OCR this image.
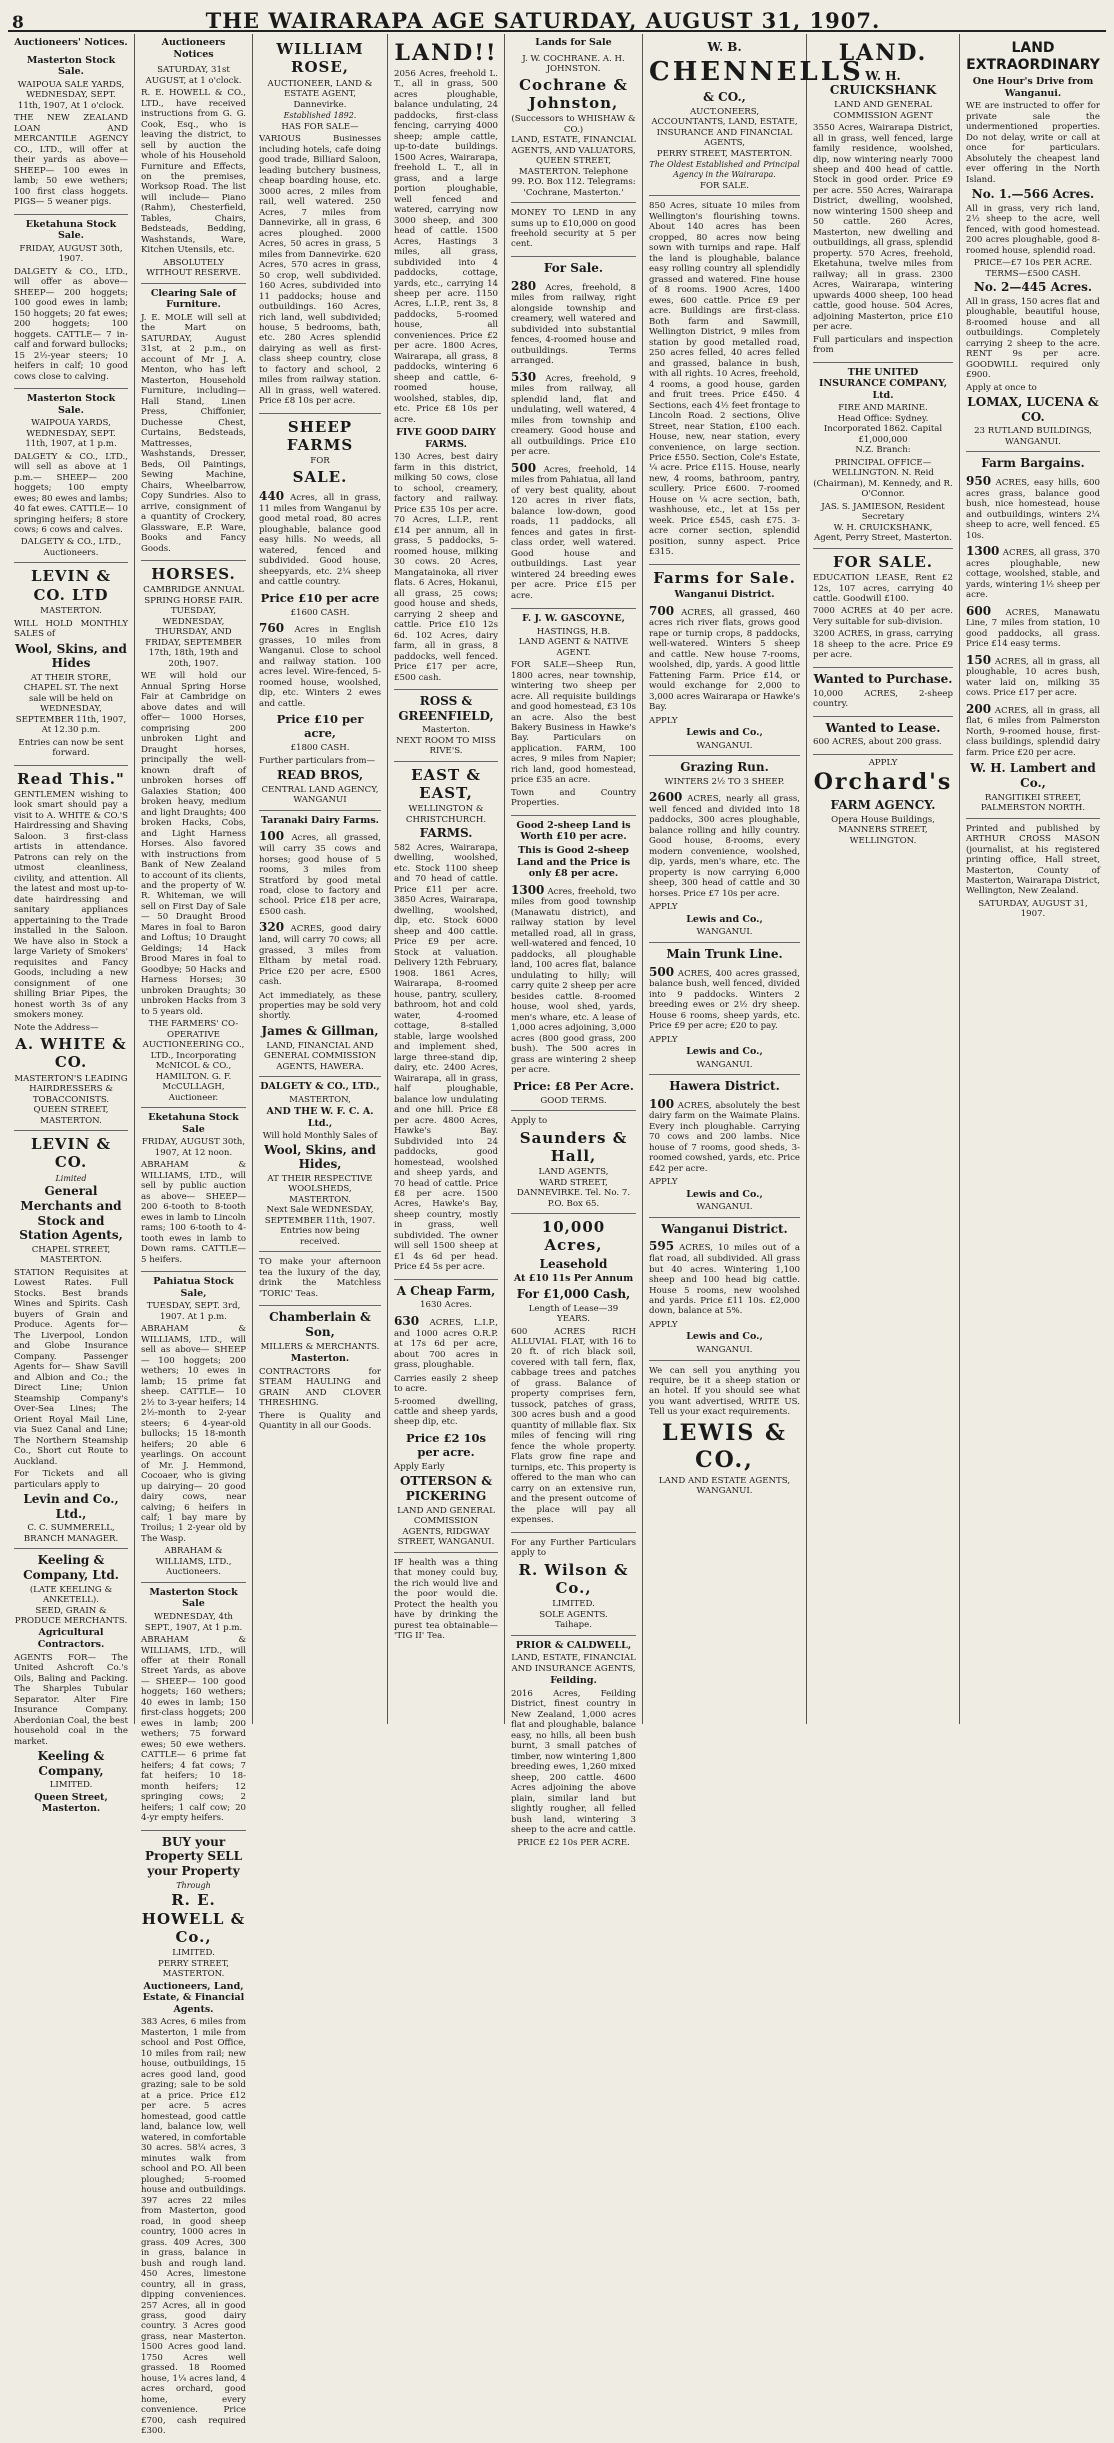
8	THE WAIRARAPA AGE SATURDAY, AUGUST 31, 1907.
Auctioneers' Notices.
Masterton Stock Sale.
WAIPOUA SALE YARDS, WEDNESDAY, SEPT. 11th, 1907, At 1 o'clock.

THE NEW ZEALAND LOAN AND MERCANTILE AGENCY CO., LTD., will offer at their yards as above— SHEEP— 100 ewes in lamb; 50 ewe wethers; 100 first class hoggets. PIGS— 5 weaner pigs.

Eketahuna Stock Sale.
FRIDAY, AUGUST 30th, 1907.

DALGETY & CO., LTD., will offer as above— SHEEP— 200 hoggets; 100 good ewes in lamb; 150 hoggets; 20 fat ewes; 200 hoggets; 100 hoggets. CATTLE— 7 in-calf and forward bullocks; 15 2½-year steers; 10 heifers in calf; 10 good cows close to calving.

Masterton Stock Sale.
WAIPOUA YARDS, WEDNESDAY, SEPT. 11th, 1907, at 1 p.m.

DALGETY & CO., LTD., will sell as above at 1 p.m.— SHEEP— 200 hoggets; 100 empty ewes; 80 ewes and lambs; 40 fat ewes. CATTLE— 10 springing heifers; 8 store cows; 6 cows and calves.

DALGETY & CO., LTD., Auctioneers.
LEVIN & CO. LTD
MASTERTON.

WILL HOLD MONTHLY SALES of

Wool, Skins, and Hides

AT THEIR STORE, CHAPEL ST. The next sale will be held on WEDNESDAY, SEPTEMBER 11th, 1907, At 12.30 p.m.

Entries can now be sent forward.

Read This."

GENTLEMEN wishing to look smart should pay a visit to A. WHITE & CO.'S Hairdressing and Shaving Saloon. 3 first-class artists in attendance. Patrons can rely on the utmost cleanliness, civility, and attention. All the latest and most up-to-date hairdressing and sanitary appliances appertaining to the Trade installed in the Saloon. We have also in Stock a large Variety of Smokers' requisites and Fancy Goods, including a new consignment of one shilling Briar Pipes, the honest worth 3s of any smokers money.

Note the Address—

A. WHITE & CO.
MASTERTON'S LEADING HAIRDRESSERS & TOBACCONISTS.
QUEEN STREET, MASTERTON.
LEVIN & CO.
Limited
General Merchants and Stock and Station Agents,
CHAPEL STREET, MASTERTON.

STATION Requisites at Lowest Rates. Full Stocks. Best brands Wines and Spirits. Cash buyers of Grain and Produce. Agents for— The Liverpool, London and Globe Insurance Company. Passenger Agents for— Shaw Savill and Albion and Co.; the Direct Line; Union Steamship Company's Over-Sea Lines; The Orient Royal Mail Line, via Suez Canal and Line; The Northern Steamship Co., Short cut Route to Auckland.

For Tickets and all particulars apply to

Levin and Co., Ltd.,
C. C. SUMMERELL, BRANCH MANAGER.
Keeling & Company, Ltd.
(LATE KEELING & ANKETELL).
SEED, GRAIN & PRODUCE MERCHANTS.
Agricultural Contractors.

AGENTS FOR— The United Ashcroft Co.'s Oils, Baling and Packing. The Sharples Tubular Separator. Alter Fire Insurance Company. Aberdonian Coal, the best household coal in the market.

Keeling & Company,
LIMITED.
Queen Street, Masterton.
Auctioneers Notices
SATURDAY, 31st AUGUST, at 1 o'clock.

R. E. HOWELL & CO., LTD., have received instructions from G. G. Cook, Esq., who is leaving the district, to sell by auction the whole of his Household Furniture and Effects, on the premises, Worksop Road. The list will include— Piano (Rahm), Chesterfield, Tables, Chairs, Bedsteads, Bedding, Washstands, Ware, Kitchen Utensils, etc.

ABSOLUTELY WITHOUT RESERVE.
Clearing Sale of Furniture.

J. E. MOLE will sell at the Mart on SATURDAY, August 31st, at 2 p.m., on account of Mr J. A. Menton, who has left Masterton, Household Furniture, including— Hall Stand, Linen Press, Chiffonier, Duchesse Chest, Curtains, Bedsteads, Mattresses, Washstands, Dresser, Beds, Oil Paintings, Sewing Machine, Chairs, Wheelbarrow, Copy Sundries. Also to arrive, consignment of a quantity of Crockery, Glassware, E.P. Ware, Books and Fancy Goods.

HORSES.
CAMBRIDGE ANNUAL SPRING HORSE FAIR.
TUESDAY, WEDNESDAY, THURSDAY, AND FRIDAY, SEPTEMBER 17th, 18th, 19th and 20th, 1907.

WE will hold our Annual Spring Horse Fair at Cambridge on above dates and will offer— 1000 Horses, comprising 200 unbroken Light and Draught horses, principally the well-known draft of unbroken horses off Galaxies Station; 400 broken heavy, medium and light Draughts; 400 broken Hacks, Cobs, and Light Harness Horses. Also favored with instructions from Bank of New Zealand to account of its clients, and the property of W. R. Whiteman, we will sell on First Day of Sale— 50 Draught Brood Mares in foal to Baron and Loftus; 10 Draught Geldings; 14 Hack Brood Mares in foal to Goodbye; 50 Hacks and Harness Horses; 30 unbroken Draughts; 30 unbroken Hacks from 3 to 5 years old.

THE FARMERS' CO-OPERATIVE AUCTIONEERING CO., LTD., Incorporating McNICOL & CO., HAMILTON. G. F. McCULLAGH, Auctioneer.
Eketahuna Stock Sale
FRIDAY, AUGUST 30th, 1907, At 12 noon.

ABRAHAM & WILLIAMS, LTD., will sell by public auction as above— SHEEP— 200 6-tooth to 8-tooth ewes in lamb to Lincoln rams; 100 6-tooth to 4-tooth ewes in lamb to Down rams. CATTLE— 5 heifers.

Pahiatua Stock Sale,
TUESDAY, SEPT. 3rd, 1907. At 1 p.m.

ABRAHAM & WILLIAMS, LTD., will sell as above— SHEEP— 100 hoggets; 200 wethers; 10 ewes in lamb; 15 prime fat sheep. CATTLE— 10 2½ to 3-year heifers; 14 2½-month to 2-year steers; 6 4-year-old bullocks; 15 18-month heifers; 20 able 6 yearlings. On account of Mr. J. Hemmond, Cocoaer, who is giving up dairying— 20 good dairy cows, near calving; 6 heifers in calf; 1 bay mare by Troilus; 1 2-year old by The Wasp.

ABRAHAM & WILLIAMS, LTD., Auctioneers.
Masterton Stock Sale
WEDNESDAY, 4th SEPT., 1907, At 1 p.m.

ABRAHAM & WILLIAMS, LTD., will offer at their Ronall Street Yards, as above— SHEEP— 100 good hoggets; 160 wethers; 40 ewes in lamb; 150 first-class hoggets; 200 ewes in lamb; 200 wethers; 75 forward ewes; 50 ewe wethers. CATTLE— 6 prime fat heifers; 4 fat cows; 7 fat heifers; 10 18-month heifers; 12 springing cows; 2 heifers; 1 calf cow; 20 4-yr empty heifers.

BUY your Property SELL your Property
Through
R. E. HOWELL & Co.,
LIMITED.
PERRY STREET, MASTERTON.
Auctioneers, Land, Estate, & Financial Agents.

383 Acres, 6 miles from Masterton, 1 mile from school and Post Office, 10 miles from rail; new house, outbuildings, 15 acres good land, good grazing; sale to be sold at a price. Price £12 per acre. 5 acres homestead, good cattle land, balance low, well watered, in comfortable 30 acres. 58¼ acres, 3 minutes walk from school and P.O. All been ploughed; 5-roomed house and outbuildings. 397 acres 22 miles from Masterton, good road, in good sheep country, 1000 acres in grass. 409 Acres, 300 in grass, balance in bush and rough land. 450 Acres, limestone country, all in grass, dipping conveniences. 257 Acres, all in good grass, good dairy country. 3 Acres good grass, near Masterton. 1500 Acres good land. 1750 Acres well grassed. 18 Roomed house, 1¼ acres land, 4 acres orchard, good home, every convenience. Price £700, cash required £300.

WILLIAM ROSE,
AUCTIONEER, LAND & ESTATE AGENT, Dannevirke.
Established 1892.
HAS FOR SALE—

VARIOUS Businesses including hotels, cafe doing good trade, Billiard Saloon, leading butchery business, cheap boarding house, etc. 3000 acres, 2 miles from rail, well watered. 250 Acres, 7 miles from Dannevirke, all in grass, 6 acres ploughed. 2000 Acres, 50 acres in grass, 5 miles from Dannevirke. 620 Acres, 570 acres in grass, 50 crop, well subdivided. 160 Acres, subdivided into 11 paddocks; house and outbuildings. 160 Acres, rich land, well subdivided; house, 5 bedrooms, bath, etc. 280 Acres splendid dairying as well as first-class sheep country, close to factory and school, 2 miles from railway station. All in grass, well watered. Price £8 10s per acre.

SHEEP FARMS
FOR
SALE.
440 Acres, all in grass, 11 miles from Wanganui by good metal road, 80 acres ploughable, balance good easy hills. No weeds, all watered, fenced and subdivided. Good house, sheepyards, etc. 2¼ sheep and cattle country.
Price £10 per acre
£1600 CASH.
760 Acres in English grasses, 10 miles from Wanganui. Close to school and railway station. 100 acres level. Wire-fenced, 5-roomed house, woolshed, dip, etc. Winters 2 ewes and cattle.
Price £10 per acre,
£1800 CASH.

Further particulars from—

READ BROS,
CENTRAL LAND AGENCY, WANGANUI
Taranaki Dairy Farms.
100 Acres, all grassed, will carry 35 cows and horses; good house of 5 rooms, 3 miles from Stratford by good metal road, close to factory and school. Price £18 per acre, £500 cash.
320 ACRES, good dairy land, will carry 70 cows; all grassed, 3 miles from Eltham by metal road. Price £20 per acre, £500 cash.

Act immediately, as these properties may be sold very shortly.

James & Gillman,
LAND, FINANCIAL AND GENERAL COMMISSION AGENTS, HAWERA.
DALGETY & CO., LTD.,
MASTERTON,
AND THE W. F. C. A. Ltd.,
Will hold Monthly Sales of
Wool, Skins, and Hides,
AT THEIR RESPECTIVE WOOLSHEDS, MASTERTON.
Next Sale WEDNESDAY, SEPTEMBER 11th, 1907.
Entries now being received.

TO make your afternoon tea the luxury of the day, drink the Matchless 'TORIC' Teas.

Chamberlain & Son,
MILLERS & MERCHANTS.
Masterton.

CONTRACTORS for STEAM HAULING and GRAIN AND CLOVER THRESHING.

There is Quality and Quantity in all our Goods.

LAND!!

2056 Acres, freehold L. T., all in grass, 500 acres ploughable, balance undulating, 24 paddocks, first-class fencing, carrying 4000 sheep; ample cattle, up-to-date buildings. 1500 Acres, Wairarapa, freehold L. T., all in grass, and a large portion ploughable, well fenced and watered, carrying now 3000 sheep, and 300 head of cattle. 1500 Acres, Hastings 3 miles, all grass, subdivided into 4 paddocks, cottage, yards, etc., carrying 14 sheep per acre. 1150 Acres, L.I.P., rent 3s, 8 paddocks, 5-roomed house, all conveniences. Price £2 per acre. 1800 Acres, Wairarapa, all grass, 8 paddocks, wintering 6 sheep and cattle, 6-roomed house, woolshed, stables, dip, etc. Price £8 10s per acre.

FIVE GOOD DAIRY FARMS.

130 Acres, best dairy farm in this district, milking 50 cows, close to school, creamery, factory and railway. Price £35 10s per acre. 70 Acres, L.I.P., rent £14 per annum, all in grass, 5 paddocks, 5-roomed house, milking 30 cows. 20 Acres, Mangatainoka, all river flats. 6 Acres, Hokanui, all grass, 25 cows; good house and sheds, carrying 2 sheep and cattle. Price £10 12s 6d. 102 Acres, dairy farm, all in grass, 8 paddocks, well fenced. Price £17 per acre, £500 cash.

ROSS & GREENFIELD,
Masterton.
NEXT ROOM TO MISS RIVE'S.
EAST & EAST,
WELLINGTON & CHRISTCHURCH.
FARMS.

582 Acres, Wairarapa, dwelling, woolshed, etc. Stock 1100 sheep and 70 head of cattle. Price £11 per acre. 3850 Acres, Wairarapa, dwelling, woolshed, dip, etc. Stock 6000 sheep and 400 cattle. Price £9 per acre. Stock at valuation. Delivery 12th February, 1908. 1861 Acres, Wairarapa, 8-roomed house, pantry, scullery, bathroom, hot and cold water, 4-roomed cottage, 8-stalled stable, large woolshed and implement shed, large three-stand dip, dairy, etc. 2400 Acres, Wairarapa, all in grass, half ploughable, balance low undulating and one hill. Price £8 per acre. 4800 Acres, Hawke's Bay. Subdivided into 24 paddocks, good homestead, woolshed and sheep yards, and 70 head of cattle. Price £8 per acre. 1500 Acres, Hawke's Bay, sheep country, mostly in grass, well subdivided. The owner will sell 1500 sheep at £1 4s 6d per head. Price £4 5s per acre.

A Cheap Farm,
1630 Acres.
630 ACRES, L.I.P., and 1000 acres O.R.P. at 17s 6d per acre, about 700 acres in grass, ploughable.

Carries easily 2 sheep to acre.

5-roomed dwelling, cattle and sheep yards, sheep dip, etc.

Price £2 10s per acre.

Apply Early

OTTERSON & PICKERING
LAND AND GENERAL COMMISSION AGENTS, RIDGWAY STREET, WANGANUI.

IF health was a thing that money could buy, the rich would live and the poor would die. Protect the health you have by drinking the purest tea obtainable— 'TIG II' Tea.

Lands for Sale
J. W. COCHRANE. A. H. JOHNSTON.
Cochrane & Johnston,
(Successors to WHISHAW & CO.)
LAND, ESTATE, FINANCIAL AGENTS, AND VALUATORS,
QUEEN STREET, MASTERTON. Telephone 99. P.O. Box 112. Telegrams: 'Cochrane, Masterton.'

MONEY TO LEND in any sums up to £10,000 on good freehold security at 5 per cent.

For Sale.
280 Acres, freehold, 8 miles from railway, right alongside township and creamery, well watered and subdivided into substantial fences, 4-roomed house and outbuildings. Terms arranged.
530 Acres, freehold, 9 miles from railway, all splendid land, flat and undulating, well watered, 4 miles from township and creamery. Good house and all outbuildings. Price £10 per acre.
500 Acres, freehold, 14 miles from Pahiatua, all land of very best quality, about 120 acres in river flats, balance low-down, good roads, 11 paddocks, all fences and gates in first-class order, well watered. Good house and outbuildings. Last year wintered 24 breeding ewes per acre. Price £15 per acre.
F. J. W. GASCOYNE,
HASTINGS, H.B.
LAND AGENT & NATIVE AGENT.

FOR SALE—Sheep Run, 1800 acres, near township, wintering two sheep per acre. All requisite buildings and good homestead, £3 10s an acre. Also the best Bakery Business in Hawke's Bay. Particulars on application. FARM, 100 acres, 9 miles from Napier; rich land, good homestead, price £35 an acre.

Town and Country Properties.

Good 2-sheep Land is Worth £10 per acre.
This is Good 2-sheep Land and the Price is only £8 per acre.
1300 Acres, freehold, two miles from good township (Manawatu district), and railway station by level metalled road, all in grass, well-watered and fenced, 10 paddocks, all ploughable land, 100 acres flat, balance undulating to hilly; will carry quite 2 sheep per acre besides cattle. 8-roomed house, wool shed, yards, men's whare, etc. A lease of 1,000 acres adjoining, 3,000 acres (800 good grass, 200 bush). The 500 acres in grass are wintering 2 sheep per acre.
Price: £8 Per Acre.
GOOD TERMS.

Apply to

Saunders & Hall,
LAND AGENTS,
WARD STREET, DANNEVIRKE. Tel. No. 7. P.O. Box 65.
10,000 Acres,
Leasehold
At £10 11s Per Annum
For £1,000 Cash,
Length of Lease—39 YEARS.

600 ACRES RICH ALLUVIAL FLAT, with 16 to 20 ft. of rich black soil, covered with tall fern, flax, cabbage trees and patches of grass. Balance of property comprises fern, tussock, patches of grass, 300 acres bush and a good quantity of millable flax. Six miles of fencing will ring fence the whole property. Flats grow fine rape and turnips, etc. This property is offered to the man who can carry on an extensive run, and the present outcome of the place will pay all expenses.

For any Further Particulars apply to

R. Wilson & Co.,
LIMITED.
SOLE AGENTS.
Taihape.
PRIOR & CALDWELL,
LAND, ESTATE, FINANCIAL AND INSURANCE AGENTS,
Feilding.

2016 Acres, Feilding District, finest country in New Zealand, 1,000 acres flat and ploughable, balance easy, no hills, all been bush burnt, 3 small patches of timber, now wintering 1,800 breeding ewes, 1,260 mixed sheep, 200 cattle. 4600 Acres adjoining the above plain, similar land but slightly rougher, all felled bush land, wintering 3 sheep to the acre and cattle.

PRICE £2 10s PER ACRE.
W. B.
CHENNELLS
& CO.,
AUCT.ONEERS,
ACCOUNTANTS, LAND, ESTATE, INSURANCE AND FINANCIAL AGENTS,
PERRY STREET, MASTERTON.
The Oldest Established and Principal Agency in the Wairarapa.
FOR SALE.

850 Acres, situate 10 miles from Wellington's flourishing towns. About 140 acres has been cropped, 80 acres now being sown with turnips and rape. Half the land is ploughable, balance easy rolling country all splendidly grassed and watered. Fine house of 8 rooms. 1900 Acres, 1400 ewes, 600 cattle. Price £9 per acre. Buildings are first-class. Both farm and Sawmill, Wellington District, 9 miles from station by good metalled road, 250 acres felled, 40 acres felled and grassed, balance in bush, with all rights. 10 Acres, freehold, 4 rooms, a good house, garden and fruit trees. Price £450. 4 Sections, each 4½ feet frontage to Lincoln Road. 2 sections, Olive Street, near Station, £100 each. House, new, near station, every convenience, on large section. Price £550. Section, Cole's Estate, ¼ acre. Price £115. House, nearly new, 4 rooms, bathroom, pantry, scullery. Price £600. 7-roomed House on ¼ acre section, bath, washhouse, etc., let at 15s per week. Price £545, cash £75. 3-acre corner section, splendid position, sunny aspect. Price £315.

Farms for Sale.
Wanganui District.
700 ACRES, all grassed, 460 acres rich river flats, grows good rape or turnip crops, 8 paddocks, well-watered. Winters 5 sheep and cattle. New house 7-rooms, woolshed, dip, yards. A good little Fattening Farm. Price £14, or would exchange for 2,000 to 3,000 acres Wairarapa or Hawke's Bay.
APPLY
Lewis and Co.,
WANGANUI.
Grazing Run.
WINTERS 2½ TO 3 SHEEP.
2600 ACRES, nearly all grass, well fenced and divided into 18 paddocks, 300 acres ploughable, balance rolling and hilly country. Good house, 8-rooms, every modern convenience, woolshed, dip, yards, men's whare, etc. The property is now carrying 6,000 sheep, 300 head of cattle and 30 horses. Price £7 10s per acre.
APPLY
Lewis and Co.,
WANGANUI.
Main Trunk Line.
500 ACRES, 400 acres grassed, balance bush, well fenced, divided into 9 paddocks. Winters 2 breeding ewes or 2½ dry sheep. House 6 rooms, sheep yards, etc. Price £9 per acre; £20 to pay.
APPLY
Lewis and Co.,
WANGANUI.
Hawera District.
100 ACRES, absolutely the best dairy farm on the Waimate Plains. Every inch ploughable. Carrying 70 cows and 200 lambs. Nice house of 7 rooms, good sheds, 3-roomed cowshed, yards, etc. Price £42 per acre.
APPLY
Lewis and Co.,
WANGANUI.
Wanganui District.
595 ACRES, 10 miles out of a flat road, all subdivided. All grass but 40 acres. Wintering 1,100 sheep and 100 head big cattle. House 5 rooms, new woolshed and yards. Price £11 10s. £2,000 down, balance at 5%.
APPLY
Lewis and Co.,
WANGANUI.

We can sell you anything you require, be it a sheep station or an hotel. If you should see what you want advertised, WRITE US. Tell us your exact requirements.

LEWIS & CO.,
LAND AND ESTATE AGENTS,
WANGANUI.
LAND.
W. H. CRUICKSHANK
LAND AND GENERAL COMMISSION AGENT

3550 Acres, Wairarapa District, all in grass, well fenced, large family residence, woolshed, dip, now wintering nearly 7000 sheep and 400 head of cattle. Stock in good order. Price £9 per acre. 550 Acres, Wairarapa District, dwelling, woolshed, now wintering 1500 sheep and 50 cattle. 260 Acres, Masterton, new dwelling and outbuildings, all grass, splendid property. 570 Acres, freehold, Eketahuna, twelve miles from railway; all in grass. 2300 Acres, Wairarapa, wintering upwards 4000 sheep, 100 head cattle, good house. 504 Acres, adjoining Masterton, price £10 per acre.

Full particulars and inspection from

THE UNITED INSURANCE COMPANY, Ltd.
FIRE AND MARINE.
Head Office: Sydney. Incorporated 1862. Capital £1,000,000
N.Z. Branch:

PRINCIPAL OFFICE—WELLINGTON. N. Reid (Chairman), M. Kennedy, and R. O'Connor.

JAS. S. JAMIESON, Resident Secretary
W. H. CRUICKSHANK,
Agent, Perry Street, Masterton.
FOR SALE.

EDUCATION LEASE, Rent £2 12s, 107 acres, carrying 40 cattle. Goodwill £100.

7000 ACRES at 40 per acre. Very suitable for sub-division.

3200 ACRES, in grass, carrying 18 sheep to the acre. Price £9 per acre.

Wanted to Purchase.

10,000 ACRES, 2-sheep country.

Wanted to Lease.

600 ACRES, about 200 grass.

APPLY
Orchard's
FARM AGENCY.
Opera House Buildings, MANNERS STREET, WELLINGTON.
LAND EXTRAORDINARY
One Hour's Drive from Wanganui.

WE are instructed to offer for private sale the undermentioned properties. Do not delay, write or call at once for particulars. Absolutely the cheapest land ever offering in the North Island.

No. 1.—566 Acres.

All in grass, very rich land, 2½ sheep to the acre, well fenced, with good homestead. 200 acres ploughable, good 8-roomed house, splendid road.

PRICE—£7 10s PER ACRE. TERMS—£500 CASH.
No. 2—445 Acres.

All in grass, 150 acres flat and ploughable, beautiful house, 8-roomed house and all outbuildings. Completely carrying 2 sheep to the acre. RENT 9s per acre. GOODWILL required only £900.

Apply at once to

LOMAX, LUCENA & CO.
23 RUTLAND BUILDINGS, WANGANUI.
Farm Bargains.
950 ACRES, easy hills, 600 acres grass, balance good bush, nice homestead, house and outbuildings, winters 2¼ sheep to acre, well fenced. £5 10s.
1300 ACRES, all grass, 370 acres ploughable, new cottage, woolshed, stable, and yards, wintering 1½ sheep per acre.
600 ACRES, Manawatu Line, 7 miles from station, 10 good paddocks, all grass. Price £14 easy terms.
150 ACRES, all in grass, all ploughable, 10 acres bush, water laid on, milking 35 cows. Price £17 per acre.
200 ACRES, all in grass, all flat, 6 miles from Palmerston North, 9-roomed house, first-class buildings, splendid dairy farm. Price £20 per acre.
W. H. Lambert and Co.,
RANGITIKEI STREET,
PALMERSTON NORTH.

Printed and published by ARTHUR CROSS MASON (journalist, at his registered printing office, Hall street, Masterton, County of Masterton, Wairarapa District, Wellington, New Zealand.

SATURDAY, AUGUST 31, 1907.
